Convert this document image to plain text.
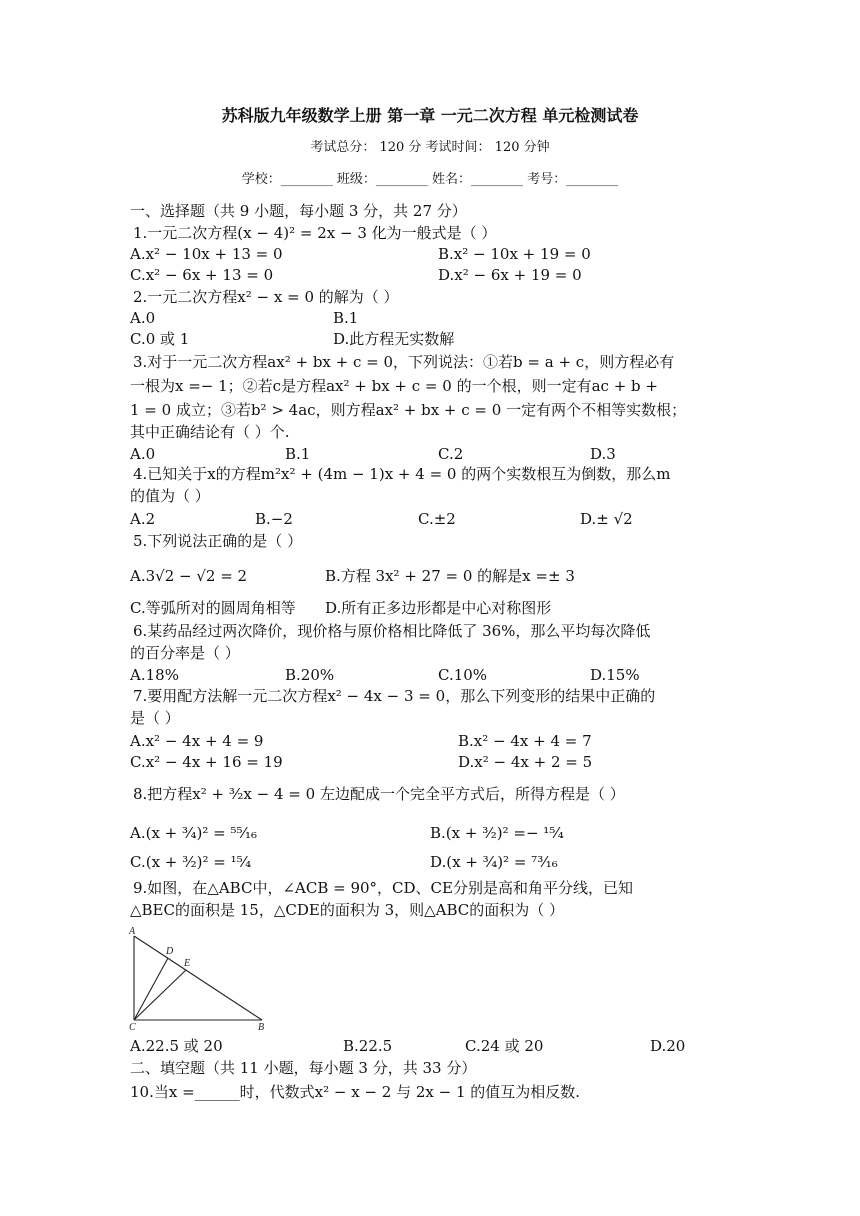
苏科版九年级数学上册 第一章 一元二次方程 单元检测试卷
考试总分： 120 分 考试时间： 120 分钟
学校：________ 班级：________ 姓名：________ 考号：________
一、选择题（共 9 小题，每小题 3 分，共 27 分）
1.一元二次方程(x − 4)² = 2x − 3 化为一般式是（ ）
A.x² − 10x + 13 = 0	B.x² − 10x + 19 = 0
C.x² − 6x + 13 = 0	D.x² − 6x + 19 = 0
2.一元二次方程x² − x = 0 的解为（ ）
A.0	B.1
C.0 或 1	D.此方程无实数解
3.对于一元二次方程ax² + bx + c = 0，下列说法：①若b = a + c，则方程必有
一根为x =− 1；②若c是方程ax² + bx + c = 0 的一个根，则一定有ac + b +
1 = 0 成立；③若b² > 4ac，则方程ax² + bx + c = 0 一定有两个不相等实数根；
其中正确结论有（ ）个.
A.0	B.1	C.2	D.3
4.已知关于x的方程m²x² + (4m − 1)x + 4 = 0 的两个实数根互为倒数，那么m
的值为（ ）
A.2	B.−2	C.±2	D.± √2
5.下列说法正确的是（ ）
A.3√2 − √2 = 2	B.方程 3x² + 27 = 0 的解是x =± 3
C.等弧所对的圆周角相等 D.所有正多边形都是中心对称图形
6.某药品经过两次降价，现价格与原价格相比降低了 36%，那么平均每次降低
的百分率是（ ）
A.18%	B.20%	C.10%	D.15%
7.要用配方法解一元二次方程x² − 4x − 3 = 0，那么下列变形的结果中正确的
是（ ）
A.x² − 4x + 4 = 9	B.x² − 4x + 4 = 7
C.x² − 4x + 16 = 19	D.x² − 4x + 2 = 5
8.把方程x² + ³⁄₂x − 4 = 0 左边配成一个完全平方式后，所得方程是（ ）
A.(x + ³⁄₄)² = ⁵⁵⁄₁₆	B.(x + ³⁄₂)² =− ¹⁵⁄₄
C.(x + ³⁄₂)² = ¹⁵⁄₄	D.(x + ³⁄₄)² = ⁷³⁄₁₆
9.如图，在△ABC中，∠ACB = 90°，CD、CE分别是高和角平分线，已知
△BEC的面积是 15，△CDE的面积为 3，则△ABC的面积为（ ）
A
D
E
C	B
A.22.5 或 20	B.22.5	C.24 或 20	D.20
二、填空题（共 11 小题，每小题 3 分，共 33 分）
10.当x =______时，代数式x² − x − 2 与 2x − 1 的值互为相反数.
